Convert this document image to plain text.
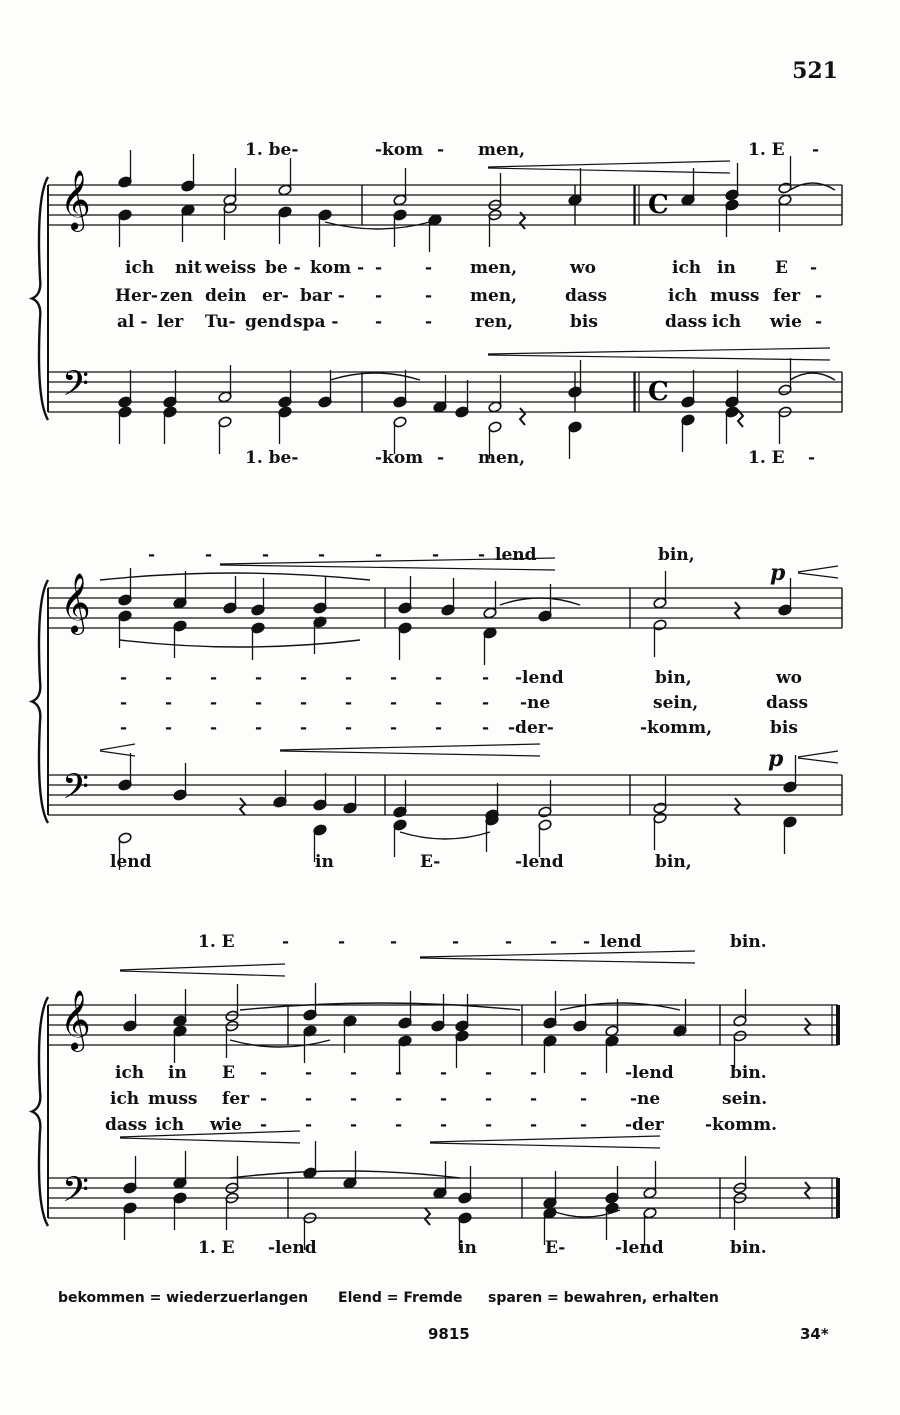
521
𝄞
𝄢
C
C
𝄞
𝄢
𝄞
𝄢
1. be-	-kom - men,	1. E -
ich nit weiss be - kom - -	- men,	wo	ich in E -
Her- zen dein er- bar - -	- men,	dass	ich muss fer -
al - ler Tu- gend spa - -	-	ren,	bis	dass ich wie -
1. be-	-kom - men,	1. E -
-	-	-	-	-	- - lend	bin,
- - - - - - - - - -lend	bin,	wo
- - - - - - - - - -ne	sein,	dass
- - - - - - - - - -der-	-komm,	bis
lend	in	E-	-lend	bin,
1. E	-	-	-	-	- - - lend	bin.
ich in E - - - - - - -	- -lend	bin.
ich muss fer - - - - - - -	-	-ne	sein.
dass ich wie - - - - - - -	- -der -komm.
1. E -lend	in	E-	-lend	bin.
p
p
bekommen = wiederzuerlangen Elend = Fremde sparen = bewahren, erhalten
9815	34*
